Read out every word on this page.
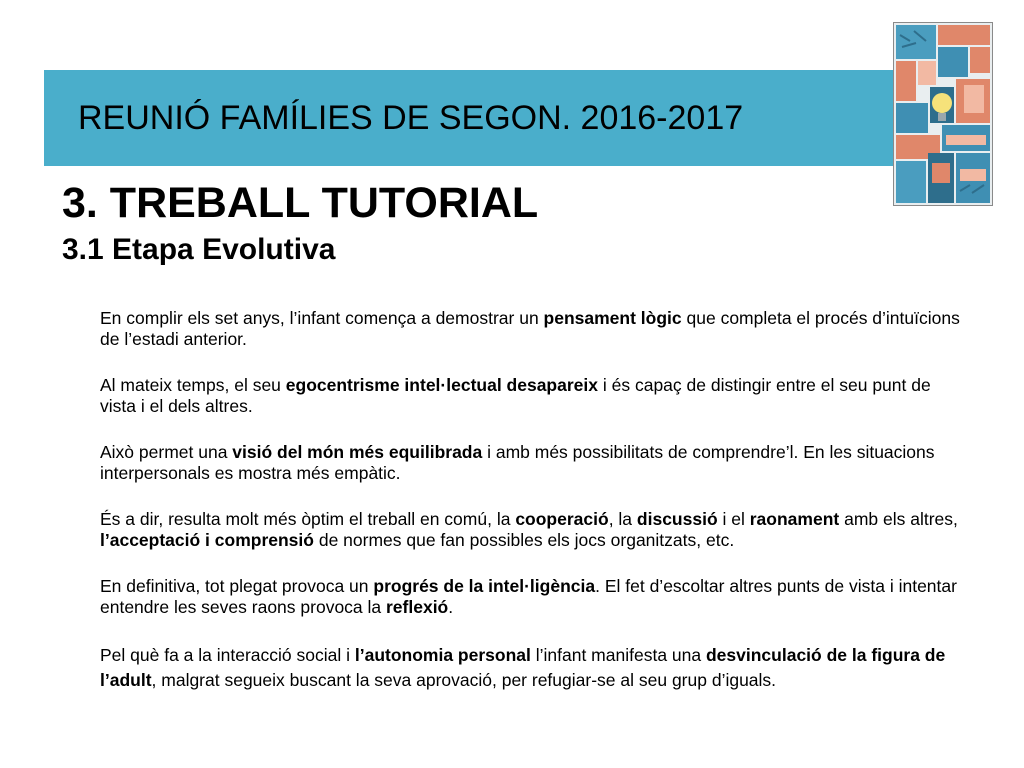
REUNIÓ FAMÍLIES DE SEGON. 2016-2017
3. TREBALL TUTORIAL
3.1 Etapa Evolutiva

En complir els set anys, l’infant comença a demostrar un pensament lògic que completa el procés d’intuïcions de l’estadi anterior.

Al mateix temps, el seu egocentrisme intel·lectual desapareix i és capaç de distingir entre el seu punt de vista i el dels altres.

Això permet una visió del món més equilibrada i amb més possibilitats de comprendre’l. En les situacions interpersonals es mostra més empàtic.

És a dir, resulta molt més òptim el treball en comú, la cooperació, la discussió i el raonament amb els altres, l’acceptació i comprensió de normes que fan possibles els jocs organitzats, etc.

En definitiva, tot plegat provoca un progrés de la intel·ligència. El fet d’escoltar altres punts de vista i intentar entendre les seves raons provoca la reflexió.

Pel què fa a la interacció social i l’autonomia personal l’infant manifesta una desvinculació de la figura de l’adult, malgrat segueix buscant la seva aprovació, per refugiar-se al seu grup d’iguals.
